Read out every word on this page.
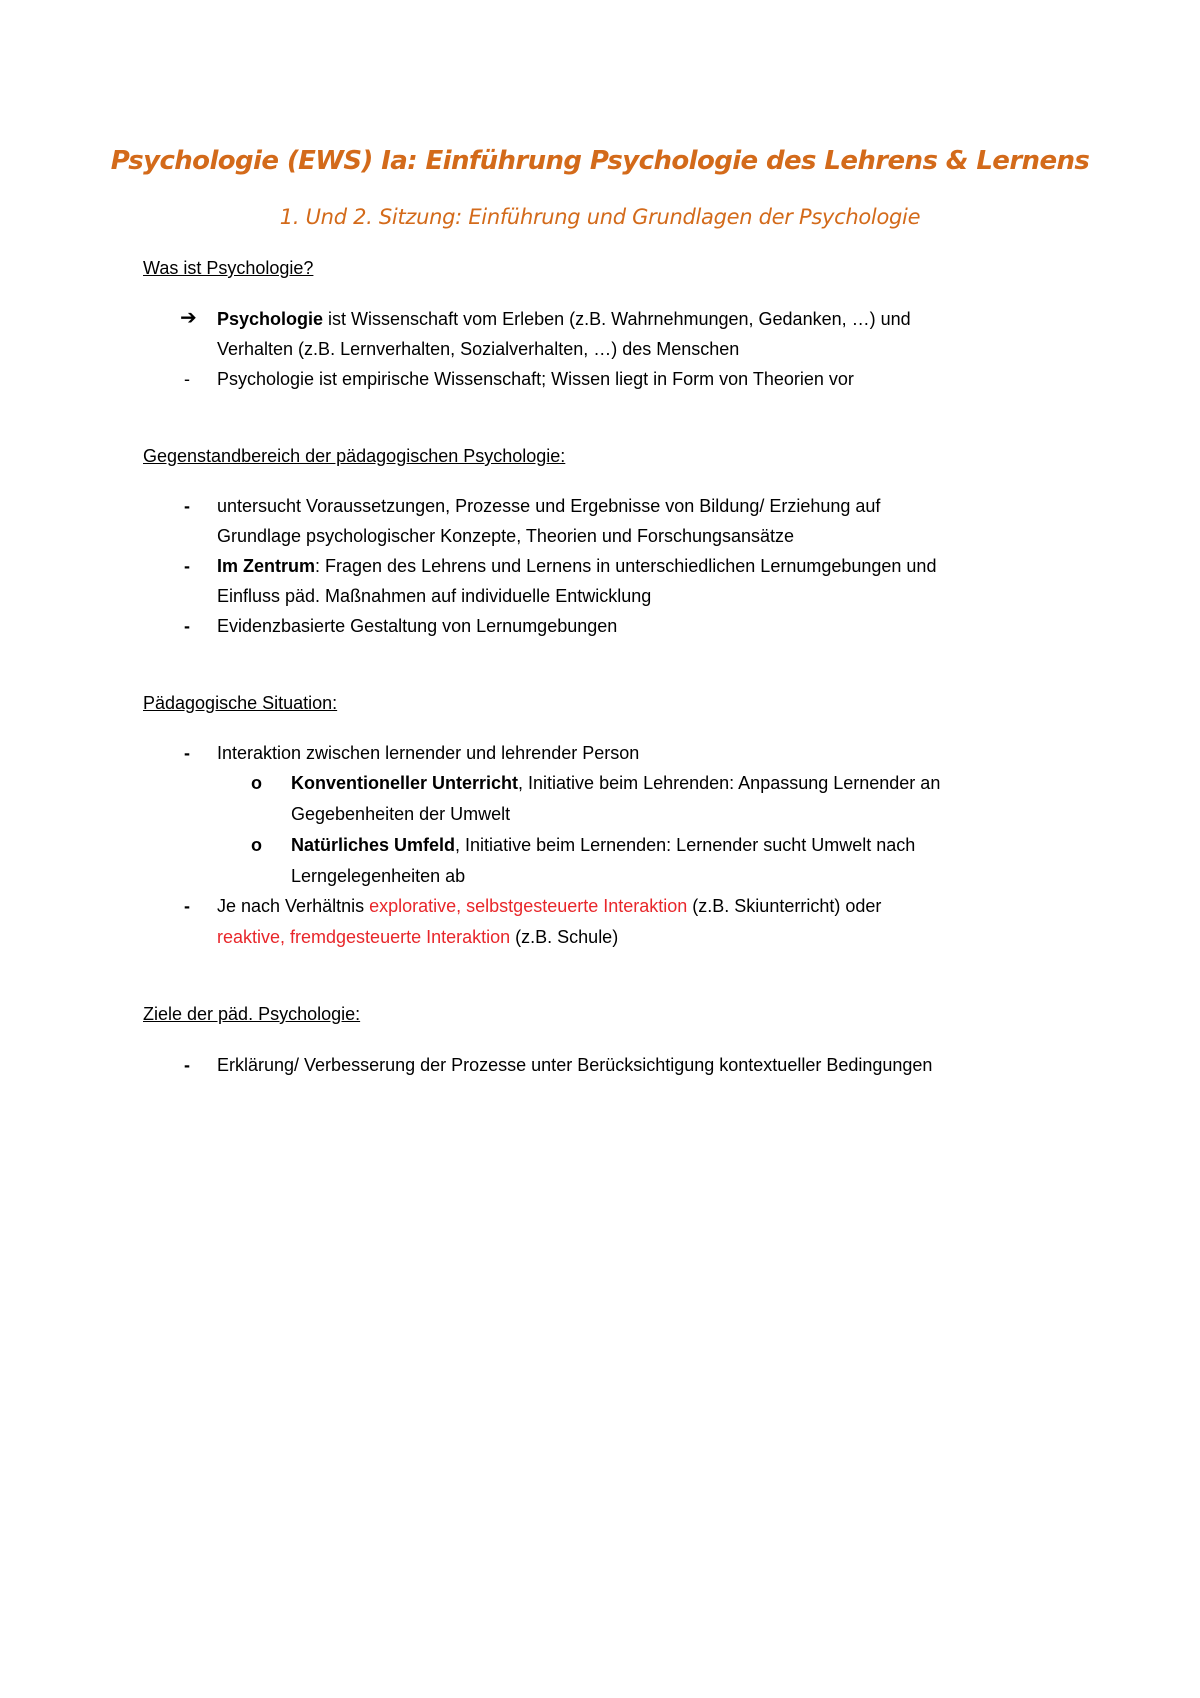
Psychologie (EWS) Ia: Einführung Psychologie des Lehrens & Lernens
1. Und 2. Sitzung: Einführung und Grundlagen der Psychologie
Was ist Psychologie?
➔ Psychologie ist Wissenschaft vom Erleben (z.B. Wahrnehmungen, Gedanken, …) und
Verhalten (z.B. Lernverhalten, Sozialverhalten, …) des Menschen
- Psychologie ist empirische Wissenschaft; Wissen liegt in Form von Theorien vor
Gegenstandbereich der pädagogischen Psychologie:
- untersucht Voraussetzungen, Prozesse und Ergebnisse von Bildung/ Erziehung auf
Grundlage psychologischer Konzepte, Theorien und Forschungsansätze
- Im Zentrum: Fragen des Lehrens und Lernens in unterschiedlichen Lernumgebungen und
Einfluss päd. Maßnahmen auf individuelle Entwicklung
- Evidenzbasierte Gestaltung von Lernumgebungen
Pädagogische Situation:
- Interaktion zwischen lernender und lehrender Person
o Konventioneller Unterricht, Initiative beim Lehrenden: Anpassung Lernender an
Gegebenheiten der Umwelt
o Natürliches Umfeld, Initiative beim Lernenden: Lernender sucht Umwelt nach
Lerngelegenheiten ab
- Je nach Verhältnis explorative, selbstgesteuerte Interaktion (z.B. Skiunterricht) oder
reaktive, fremdgesteuerte Interaktion (z.B. Schule)
Ziele der päd. Psychologie:
- Erklärung/ Verbesserung der Prozesse unter Berücksichtigung kontextueller Bedingungen
